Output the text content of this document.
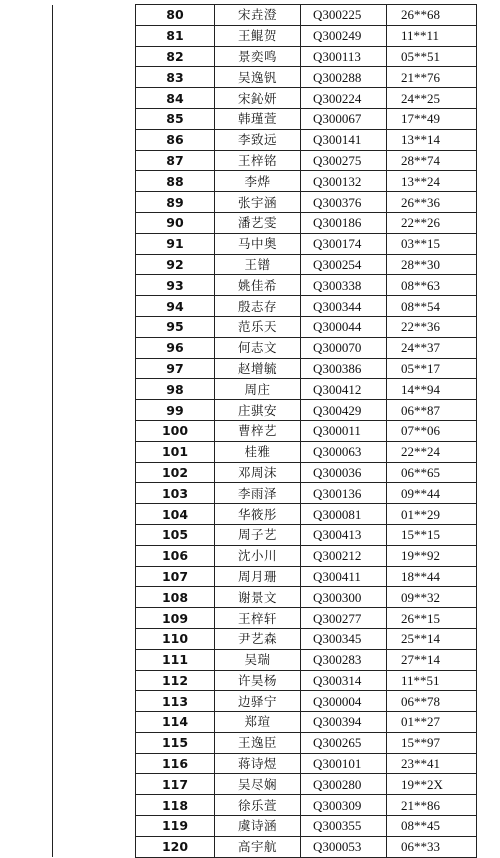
	80	宋垚澄	Q300225	26**68
	81	王鲲贺	Q300249	11**11
	82	景奕鸣	Q300113	05**51
	83	吴逸钒	Q300288	21**76
	84	宋鈊妍	Q300224	24**25
	85	韩瑾萱	Q300067	17**49
	86	李致远	Q300141	13**14
	87	王梓铭	Q300275	28**74
	88	李烨	Q300132	13**24
	89	张宇涵	Q300376	26**36
	90	潘艺雯	Q300186	22**26
	91	马中奥	Q300174	03**15
	92	王镨	Q300254	28**30
	93	姚佳希	Q300338	08**63
	94	殷志存	Q300344	08**54
	95	范乐天	Q300044	22**36
	96	何志文	Q300070	24**37
	97	赵增毓	Q300386	05**17
	98	周庄	Q300412	14**94
	99	庄骐安	Q300429	06**87
	100	曹梓艺	Q300011	07**06
	101	桂雅	Q300063	22**24
	102	邓周沫	Q300036	06**65
	103	李雨泽	Q300136	09**44
	104	华筱彤	Q300081	01**29
	105	周子艺	Q300413	15**15
	106	沈小川	Q300212	19**92
	107	周月珊	Q300411	18**44
	108	谢景文	Q300300	09**32
	109	王梓轩	Q300277	26**15
	110	尹艺森	Q300345	25**14
	111	吴瑞	Q300283	27**14
	112	许昊杨	Q300314	11**51
	113	边驿宁	Q300004	06**78
	114	郑瑄	Q300394	01**27
	115	王逸臣	Q300265	15**97
	116	蒋诗煜	Q300101	23**41
	117	吴尽娴	Q300280	19**2X
	118	徐乐萱	Q300309	21**86
	119	虞诗涵	Q300355	08**45
	120	高宇航	Q300053	06**33
